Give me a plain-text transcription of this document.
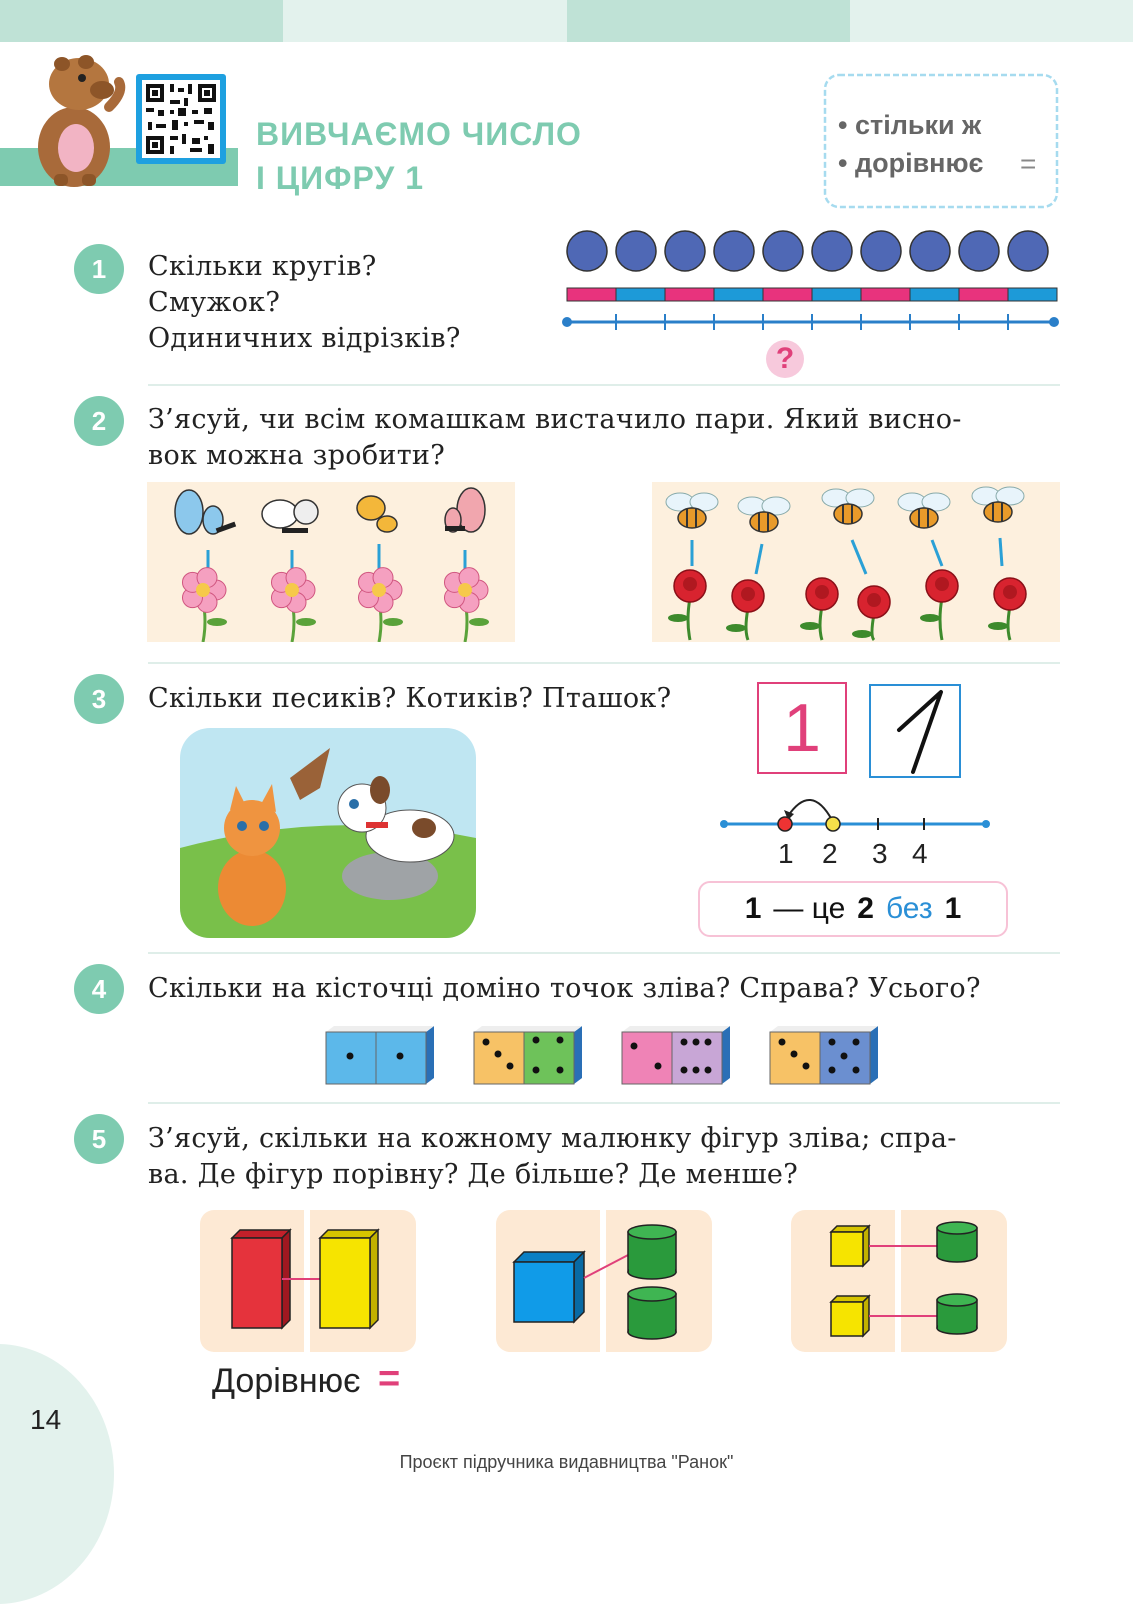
ВИВЧАЄМО ЧИСЛО
І ЦИФРУ 1
• стільки ж
• дорівнює =
1	Скільки кругів?
Смужок?
Одиничних відрізків?
?
2	З’ясуй, чи всім комашкам вистачило пари. Який висно-
вок можна зробити?
3	Скільки песиків? Котиків? Пташок?	1
1 2 3 4
1 — це 2 без 1
4	Скільки на кісточці доміно точок зліва? Справа? Усього?
5	З’ясуй, скільки на кожному малюнку фігур зліва; спра-
ва. Де фігур порівну? Де більше? Де менше?
Дорівнює =
14
Проєкт підручника видавництва "Ранок"
